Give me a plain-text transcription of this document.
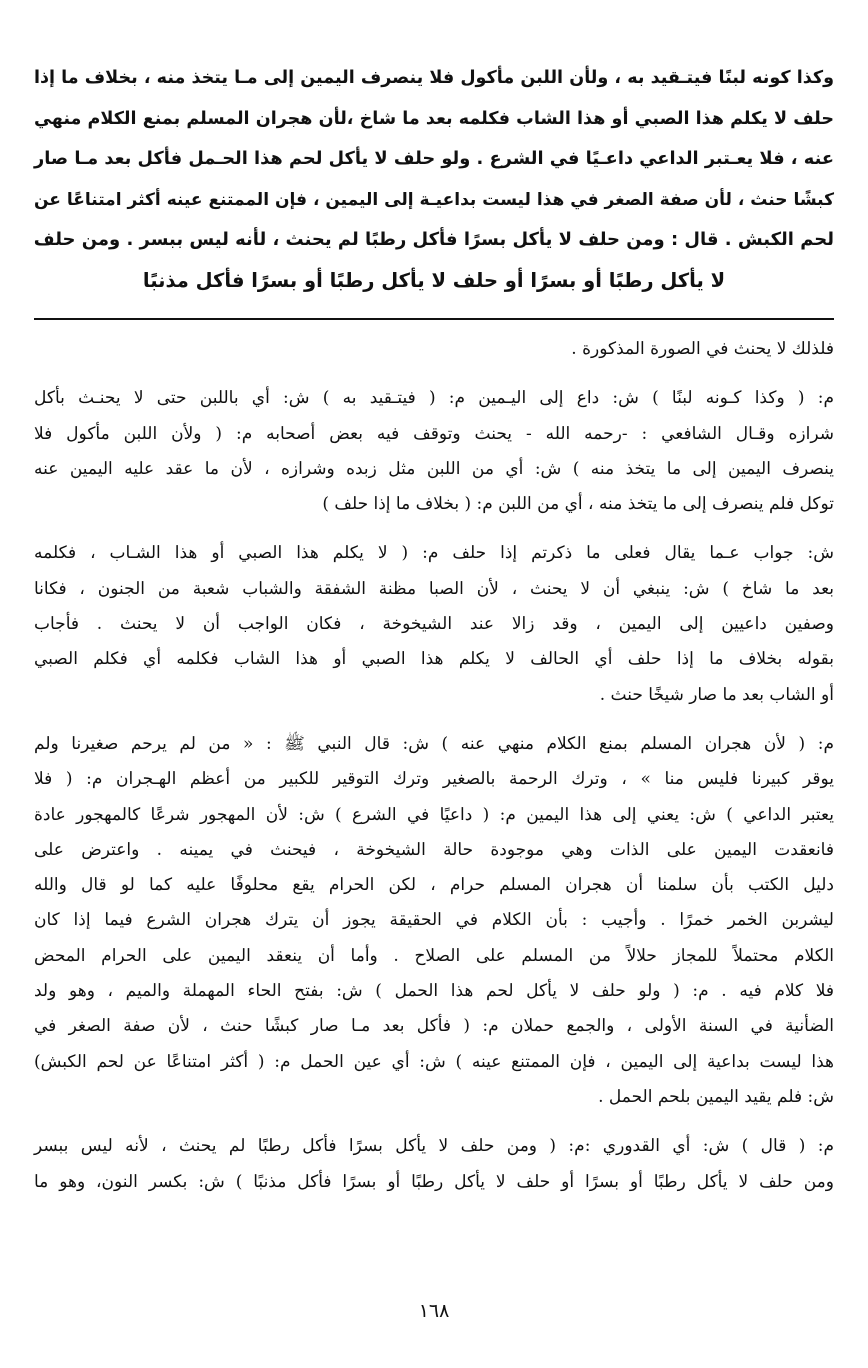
وكذا كونه لبنًا فيتـقيد به ، ولأن اللبن مأكول فلا ينصرف اليمين إلى مـا يتخذ منه ، بخلاف ما إذا
حلف لا يكلم هذا الصبي أو هذا الشاب فكلمه بعد ما شاخ ،لأن هجران المسلم بمنع الكلام منهي
عنه ، فلا يعـتبر الداعي داعـيًا في الشرع . ولو حلف لا يأكل لحم هذا الحـمل فأكل بعد مـا صار
كبشًا حنث ، لأن صفة الصغر في هذا ليست بداعيـة إلى اليمين ، فإن الممتنع عينه أكثر امتناعًا عن
لحم الكبش . قال : ومن حلف لا يأكل بسرًا فأكل رطبًا لم يحنث ، لأنه ليس ببسر . ومن حلف
لا يأكل رطبًا أو بسرًا أو حلف لا يأكل رطبًا أو بسرًا فأكل مذنبًا
فلذلك لا يحنث في الصورة المذكورة .
م: ( وكذا كـونه لبنًا ) ش: داع إلى اليـمين م: ( فيتـقيد به ) ش: أي باللبن حتى لا يحنـث بأكل
شرازه وقـال الشافعي : -رحمه الله - يحنث وتوقف فيه بعض أصحابه م: ( ولأن اللبن مأكول فلا
ينصرف اليمين إلى ما يتخذ منه ) ش: أي من اللبن مثل زبده وشرازه ، لأن ما عقد عليه اليمين عنه
توكل فلم ينصرف إلى ما يتخذ منه ، أي من اللبن م: ( بخلاف ما إذا حلف )
ش: جواب عـما يقال فعلى ما ذكرتم إذا حلف م: ( لا يكلم هذا الصبي أو هذا الشـاب ، فكلمه
بعد ما شاخ ) ش: ينبغي أن لا يحنث ، لأن الصبا مظنة الشفقة والشباب شعبة من الجنون ، فكانا
وصفين داعيين إلى اليمين ، وقد زالا عند الشيخوخة ، فكان الواجب أن لا يحنث . فأجاب
بقوله بخلاف ما إذا حلف أي الحالف لا يكلم هذا الصبي أو هذا الشاب فكلمه أي فكلم الصبي
أو الشاب بعد ما صار شيخًا حنث .
م: ( لأن هجران المسلم بمنع الكلام منهي عنه ) ش: قال النبي ﷺ : « من لم يرحم صغيرنا ولم
يوقر كبيرنا فليس منا » ، وترك الرحمة بالصغير وترك التوقير للكبير من أعظم الهـجران م: ( فلا
يعتبر الداعي ) ش: يعني إلى هذا اليمين م: ( داعيًا في الشرع ) ش: لأن المهجور شرعًا كالمهجور عادة
فانعقدت اليمين على الذات وهي موجودة حالة الشيخوخة ، فيحنث في يمينه . واعترض على
دليل الكتب بأن سلمنا أن هجران المسلم حرام ، لكن الحرام يقع محلوفًا عليه كما لو قال والله
ليشربن الخمر خمرًا . وأجيب : بأن الكلام في الحقيقة يجوز أن يترك هجران الشرع فيما إذا كان
الكلام محتملاً للمجاز حلالاً من المسلم على الصلاح . وأما أن ينعقد اليمين على الحرام المحض
فلا كلام فيه . م: ( ولو حلف لا يأكل لحم هذا الحمل ) ش: بفتح الحاء المهملة والميم ، وهو ولد
الضأنية في السنة الأولى ، والجمع حملان م: ( فأكل بعد مـا صار كبشًا حنث ، لأن صفة الصغر في
هذا ليست بداعية إلى اليمين ، فإن الممتنع عينه ) ش: أي عين الحمل م: ( أكثر امتناعًا عن لحم الكبش)
ش: فلم يقيد اليمين بلحم الحمل .
م: ( قال ) ش: أي القدوري :م: ( ومن حلف لا يأكل بسرًا فأكل رطبًا لم يحنث ، لأنه ليس ببسر
ومن حلف لا يأكل رطبًا أو بسرًا أو حلف لا يأكل رطبًا أو بسرًا فأكل مذنبًا ) ش: بكسر النون، وهو ما
١٦٨
